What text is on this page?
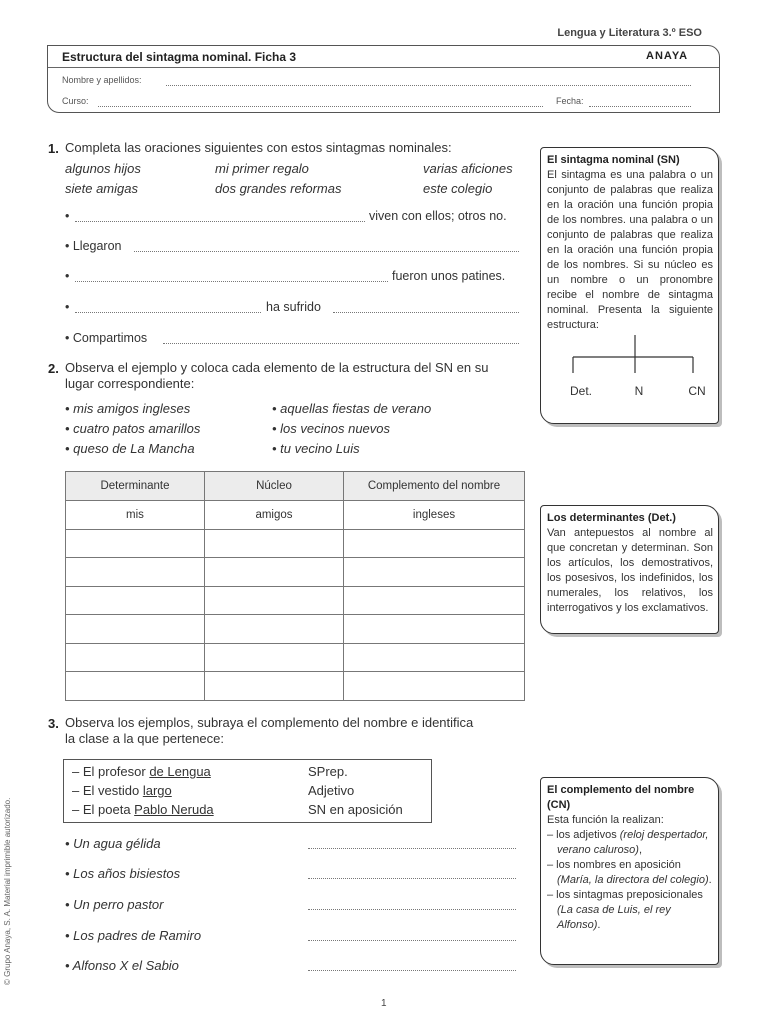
Lengua y Literatura 3.º ESO
Estructura del sintagma nominal. Ficha 3	ANAYA
Nombre y apellidos:
Curso:	Fecha:
1. Completa las oraciones siguientes con estos sintagmas nominales:
algunos hijos	mi primer regalo	varias aficiones
siete amigas	dos grandes reformas	este colegio
•	viven con ellos; otros no.
• Llegaron
•	fueron unos patines.
•	ha sufrido
• Compartimos
2. Observa el ejemplo y coloca cada elemento de la estructura del SN en su
lugar correspondiente:
• mis amigos ingleses	• aquellas fiestas de verano
• cuatro patos amarillos	• los vecinos nuevos
• queso de La Mancha	• tu vecino Luis
Determinante	Núcleo	Complemento del nombre
mis	amigos	ingleses

3. Observa los ejemplos, subraya el complemento del nombre e identifica
la clase a la que pertenece:
– El profesor de Lengua	SPrep.
– El vestido largo	Adjetivo
– El poeta Pablo Neruda	SN en aposición
• Un agua gélida
• Los años bisiestos
• Un perro pastor
• Los padres de Ramiro
• Alfonso X el Sabio
El sintagma nominal (SN)
El sintagma es una palabra o un conjunto de palabras que realiza en la oración una función propia de los nombres. una palabra o un conjunto de palabras que realiza en la oración una función propia de los nombres. Si su núcleo es un nombre o un pronombre recibe el nombre de sintagma nominal. Presenta la siguiente estructura:
Det.	N	CN
Los determinantes (Det.)
Van antepuestos al nombre al que concretan y determinan. Son los artículos, los demostrativos, los posesivos, los indefinidos, los numerales, los relativos, los interrogativos y los exclamativos.
El complemento del nombre (CN)
Esta función la realizan:
– los adjetivos (reloj despertador, verano caluroso),
– los nombres en aposición (María, la directora del colegio).
– los sintagmas preposicionales (La casa de Luis, el rey Alfonso).
© Grupo Anaya, S. A. Material imprimible autorizado.
1
